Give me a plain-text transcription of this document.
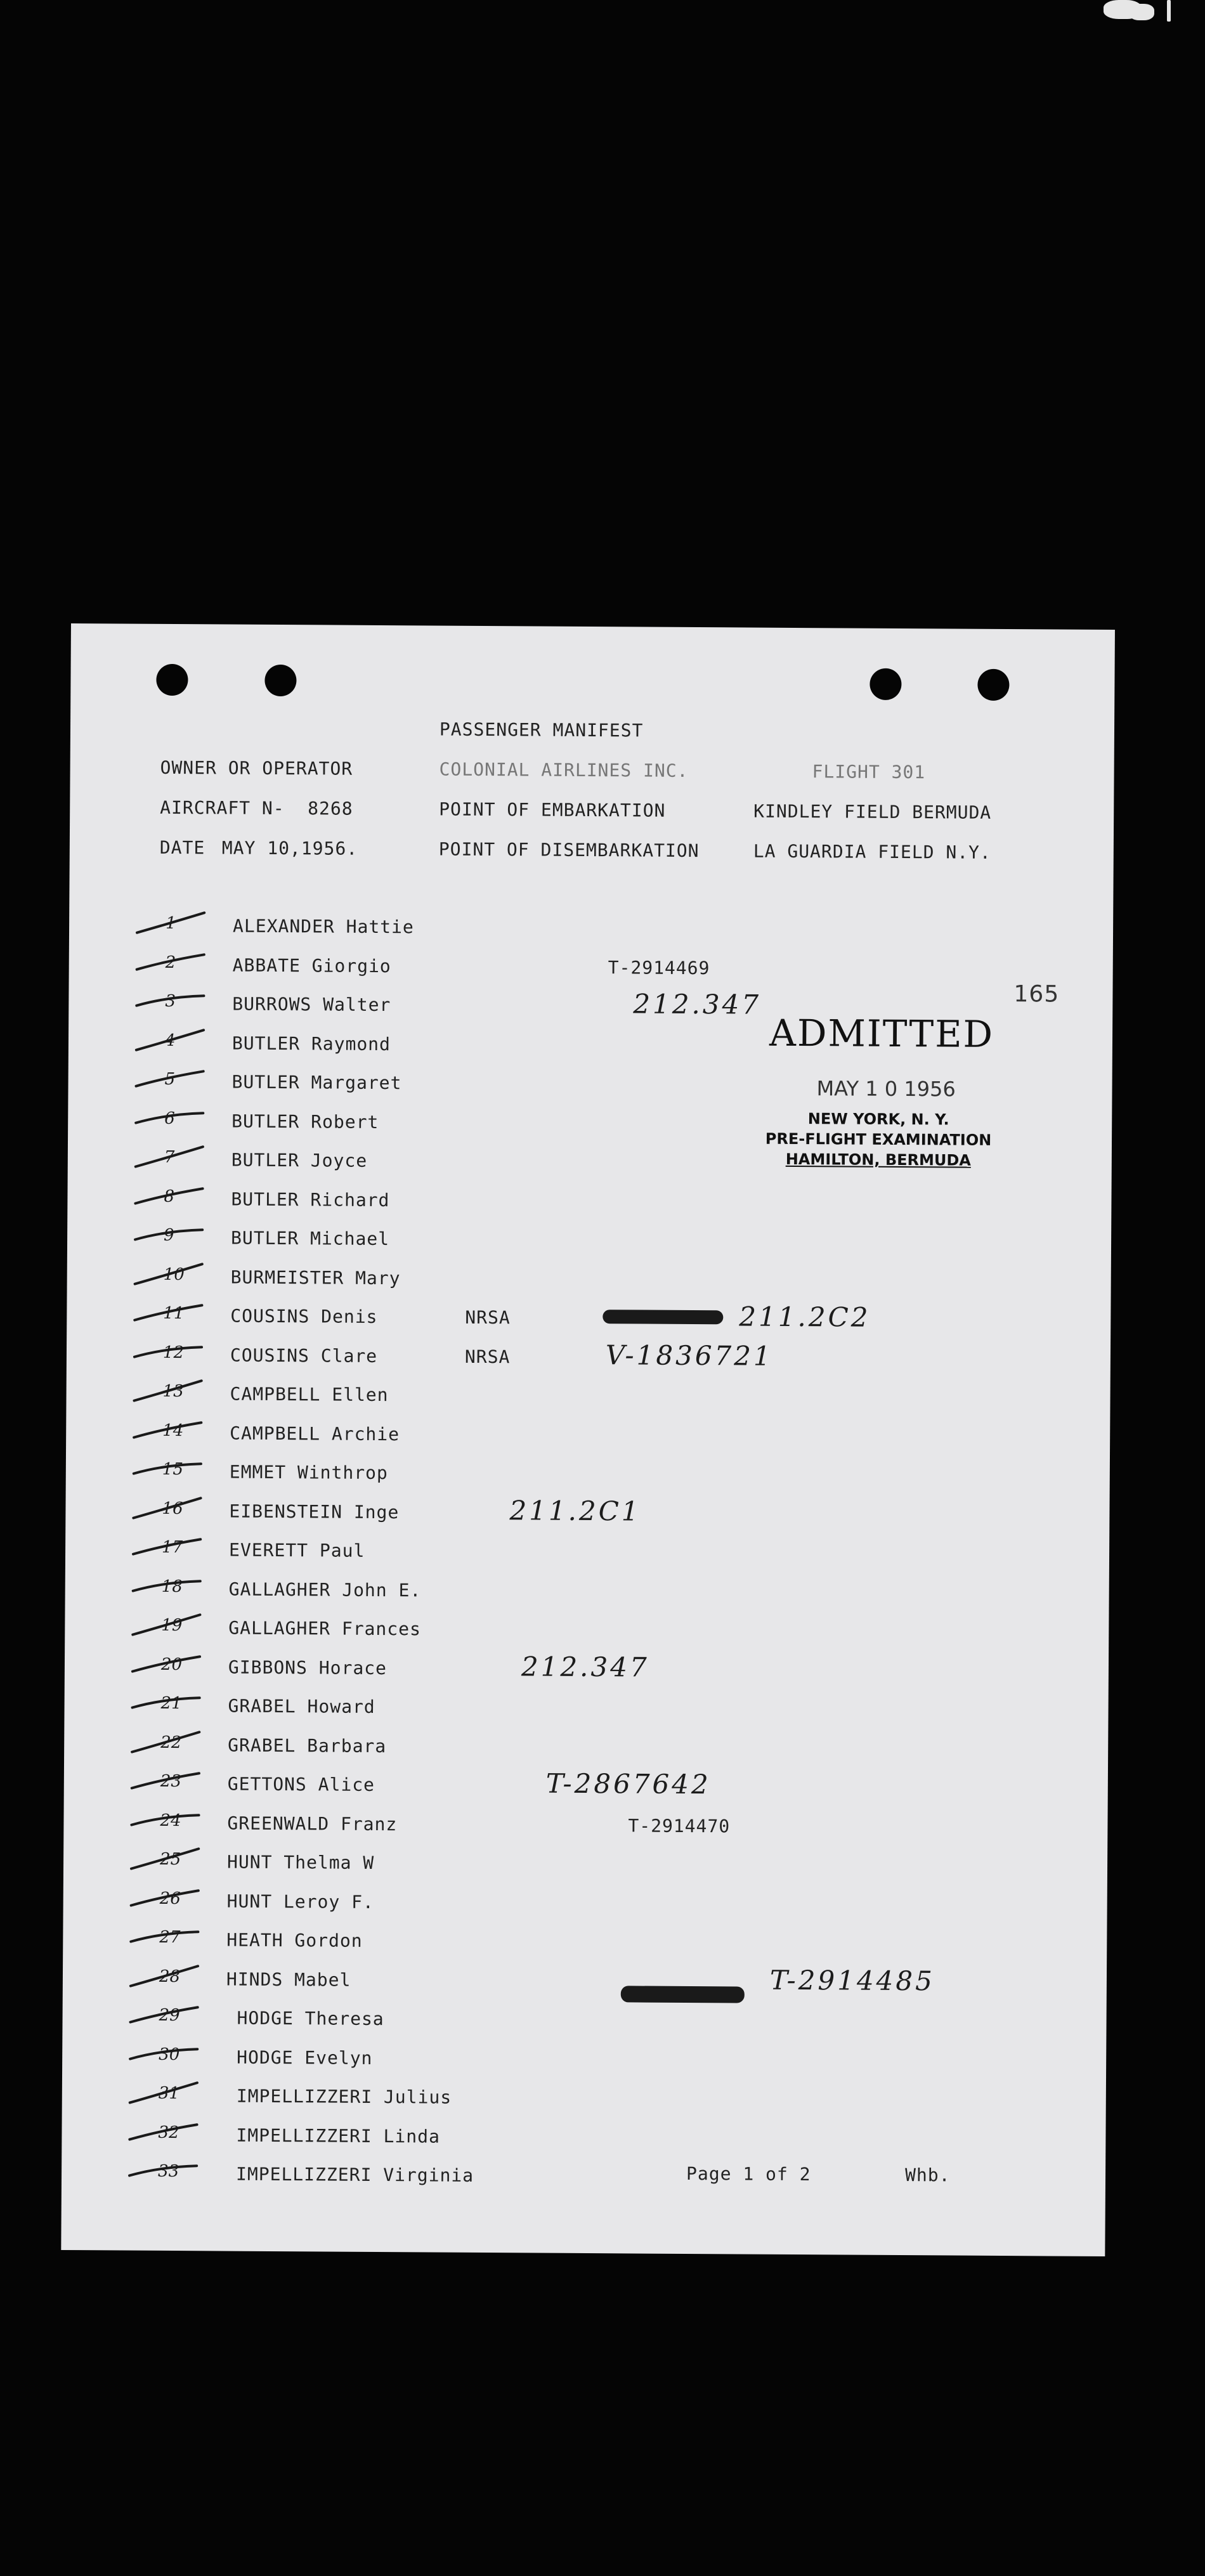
PASSENGER MANIFEST
OWNER OR OPERATOR	COLONIAL AIRLINES INC.	FLIGHT 301
AIRCRAFT N- 8268	POINT OF EMBARKATION	KINDLEY FIELD BERMUDA
DATE MAY 10,1956.	POINT OF DISEMBARKATION	LA GUARDIA FIELD N.Y.
165
ADMITTED
MAY 1 0 1956
NEW YORK, N. Y.
PRE-FLIGHT EXAMINATION
HAMILTON, BERMUDA
1	ALEXANDER Hattie
2	ABBATE Giorgio	T-2914469
3	BURROWS Walter	212.347
4	BUTLER Raymond
5	BUTLER Margaret
6	BUTLER Robert
7	BUTLER Joyce
8	BUTLER Richard
9	BUTLER Michael
10	BURMEISTER Mary
11	COUSINS Denis	NRSA	211.2C2
12	COUSINS Clare	NRSA	V-1836721
13	CAMPBELL Ellen
14	CAMPBELL Archie
15	EMMET Winthrop
16	EIBENSTEIN Inge	211.2C1
17	EVERETT Paul
18	GALLAGHER John E.
19	GALLAGHER Frances
20	GIBBONS Horace	212.347
21	GRABEL Howard
22	GRABEL Barbara
23	GETTONS Alice	T-2867642
24	GREENWALD Franz	T-2914470
25	HUNT Thelma W
26	HUNT Leroy F.
27	HEATH Gordon
28	HINDS Mabel	T-2914485
29	HODGE Theresa
30	HODGE Evelyn
31	IMPELLIZZERI Julius
32	IMPELLIZZERI Linda
33	IMPELLIZZERI Virginia	Page 1 of 2	Whb.
